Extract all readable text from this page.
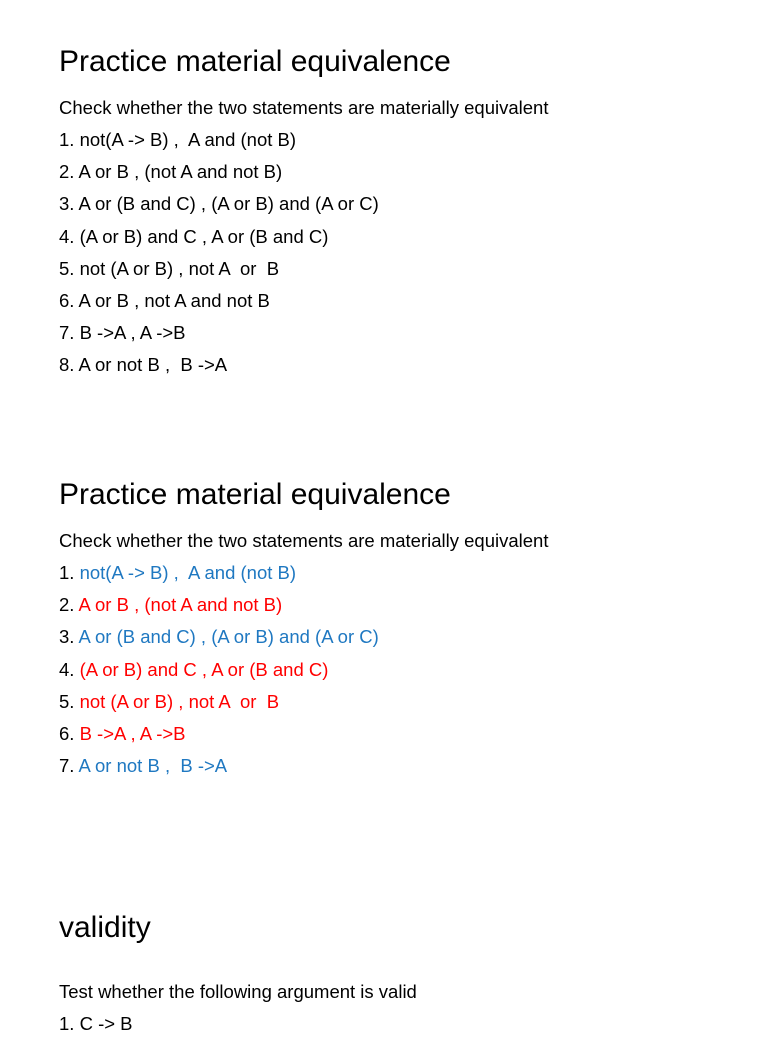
Practice material equivalence

Check whether the two statements are materially equivalent

1. not(A -> B) ,  A and (not B)
2. A or B , (not A and not B)
3. A or (B and C) , (A or B) and (A or C)
4. (A or B) and C , A or (B and C)
5. not (A or B) , not A  or  B
6. A or B , not A and not B
7. B ->A , A ->B
8. A or not B ,  B ->A
Practice material equivalence

Check whether the two statements are materially equivalent

1. not(A -> B) ,  A and (not B)
2. A or B , (not A and not B)
3. A or (B and C) , (A or B) and (A or C)
4. (A or B) and C , A or (B and C)
5. not (A or B) , not A  or  B
6. B ->A , A ->B
7. A or not B ,  B ->A
validity

Test whether the following argument is valid

1. C -> B
